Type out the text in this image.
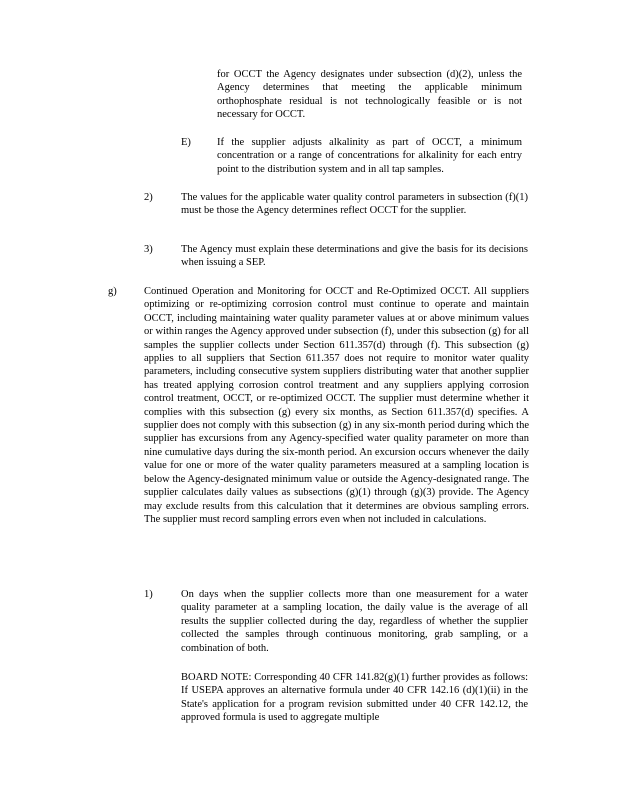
for OCCT the Agency designates under subsection (d)(2), unless the Agency determines that meeting the applicable minimum orthophosphate residual is not technologically feasible or is not necessary for OCCT.
E) If the supplier adjusts alkalinity as part of OCCT, a minimum concentration or a range of concentrations for alkalinity for each entry point to the distribution system and in all tap samples.
2)	The values for the applicable water quality control parameters in subsection (f)(1) must be those the Agency determines reflect OCCT for the supplier.
3)	The Agency must explain these determinations and give the basis for its decisions when issuing a SEP.
g)	Continued Operation and Monitoring for OCCT and Re-Optimized OCCT. All suppliers optimizing or re-optimizing corrosion control must continue to operate and maintain OCCT, including maintaining water quality parameter values at or above minimum values or within ranges the Agency approved under subsection (f), under this subsection (g) for all samples the supplier collects under Section 611.357(d) through (f). This subsection (g) applies to all suppliers that Section 611.357 does not require to monitor water quality parameters, including consecutive system suppliers distributing water that another supplier has treated applying corrosion control treatment and any suppliers applying corrosion control treatment, OCCT, or re-optimized OCCT. The supplier must determine whether it complies with this subsection (g) every six months, as Section 611.357(d) specifies. A supplier does not comply with this subsection (g) in any six-month period during which the supplier has excursions from any Agency-specified water quality parameter on more than nine cumulative days during the six-month period. An excursion occurs whenever the daily value for one or more of the water quality parameters measured at a sampling location is below the Agency-designated minimum value or outside the Agency-designated range. The supplier calculates daily values as subsections (g)(1) through (g)(3) provide. The Agency may exclude results from this calculation that it determines are obvious sampling errors. The supplier must record sampling errors even when not included in calculations.
1)	On days when the supplier collects more than one measurement for a water quality parameter at a sampling location, the daily value is the average of all results the supplier collected during the day, regardless of whether the supplier collected the samples through continuous monitoring, grab sampling, or a combination of both.
BOARD NOTE: Corresponding 40 CFR 141.82(g)(1) further provides as follows: If USEPA approves an alternative formula under 40 CFR 142.16 (d)(1)(ii) in the State's application for a program revision submitted under 40 CFR 142.12, the approved formula is used to aggregate multiple
